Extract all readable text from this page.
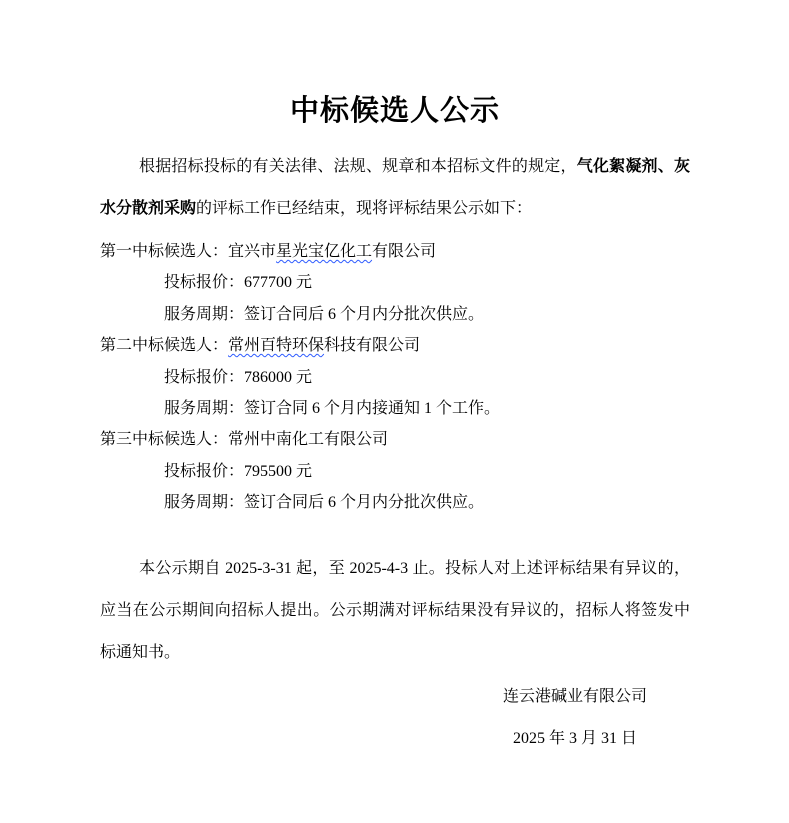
中标候选人公示
根据招标投标的有关法律、法规、规章和本招标文件的规定，气化絮凝剂、灰水分散剂采购的评标工作已经结束，现将评标结果公示如下：
第一中标候选人：宜兴市星光宝亿化工有限公司
投标报价：677700 元
服务周期：签订合同后 6 个月内分批次供应。
第二中标候选人：常州百特环保科技有限公司
投标报价：786000 元
服务周期：签订合同 6 个月内接通知 1 个工作。
第三中标候选人：常州中南化工有限公司
投标报价：795500 元
服务周期：签订合同后 6 个月内分批次供应。
本公示期自 2025-3-31 起，至 2025-4-3 止。投标人对上述评标结果有异议的，应当在公示期间向招标人提出。公示期满对评标结果没有异议的，招标人将签发中标通知书。
连云港碱业有限公司
2025 年 3 月 31 日
